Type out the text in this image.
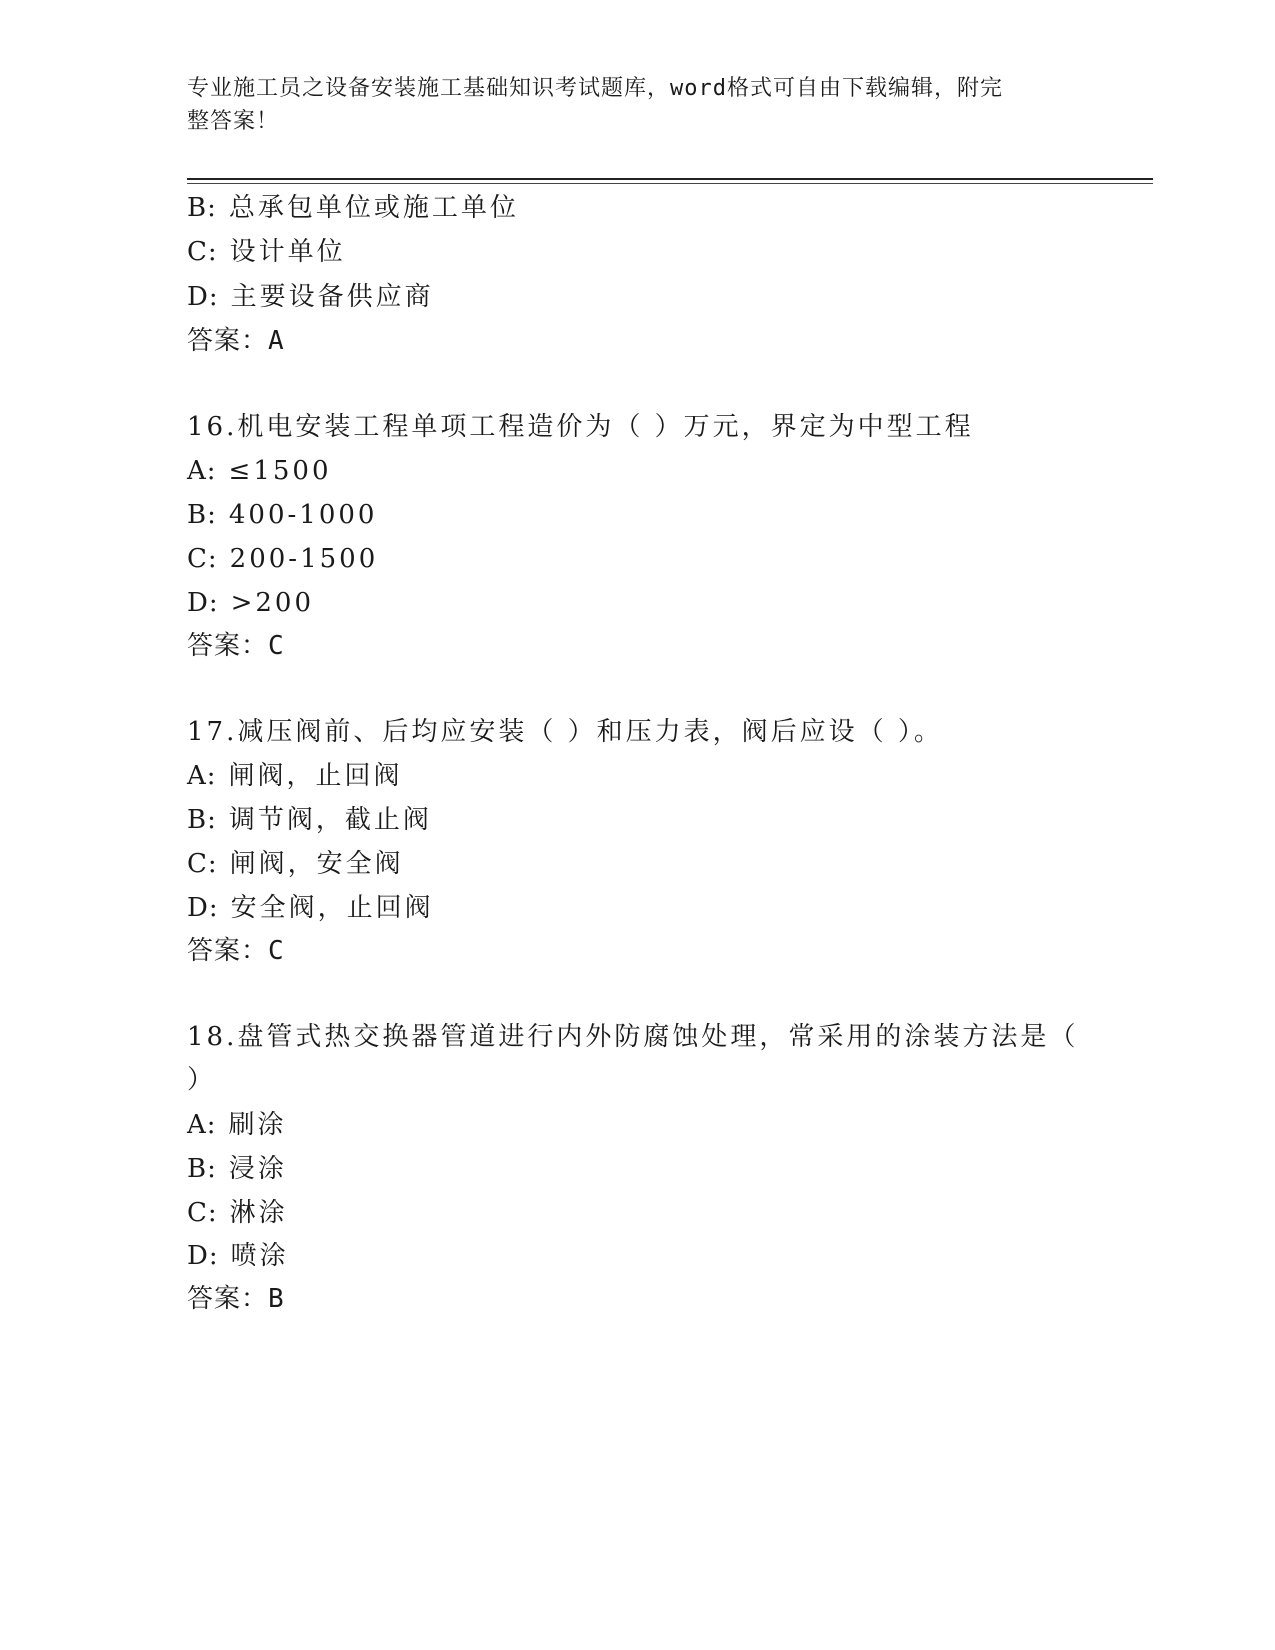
专业施工员之设备安装施工基础知识考试题库，word格式可自由下载编辑，附完
整答案！
B: 总承包单位或施工单位
C: 设计单位
D: 主要设备供应商
答案：A
16.机电安装工程单项工程造价为（ ）万元，界定为中型工程
A: ≤1500
B: 400-1000
C: 200-1500
D: >200
答案：C
17.减压阀前、后均应安装（ ）和压力表，阀后应设（ ）。
A: 闸阀，止回阀
B: 调节阀，截止阀
C: 闸阀，安全阀
D: 安全阀，止回阀
答案：C
18.盘管式热交换器管道进行内外防腐蚀处理，常采用的涂装方法是（
）
A: 刷涂
B: 浸涂
C: 淋涂
D: 喷涂
答案：B
